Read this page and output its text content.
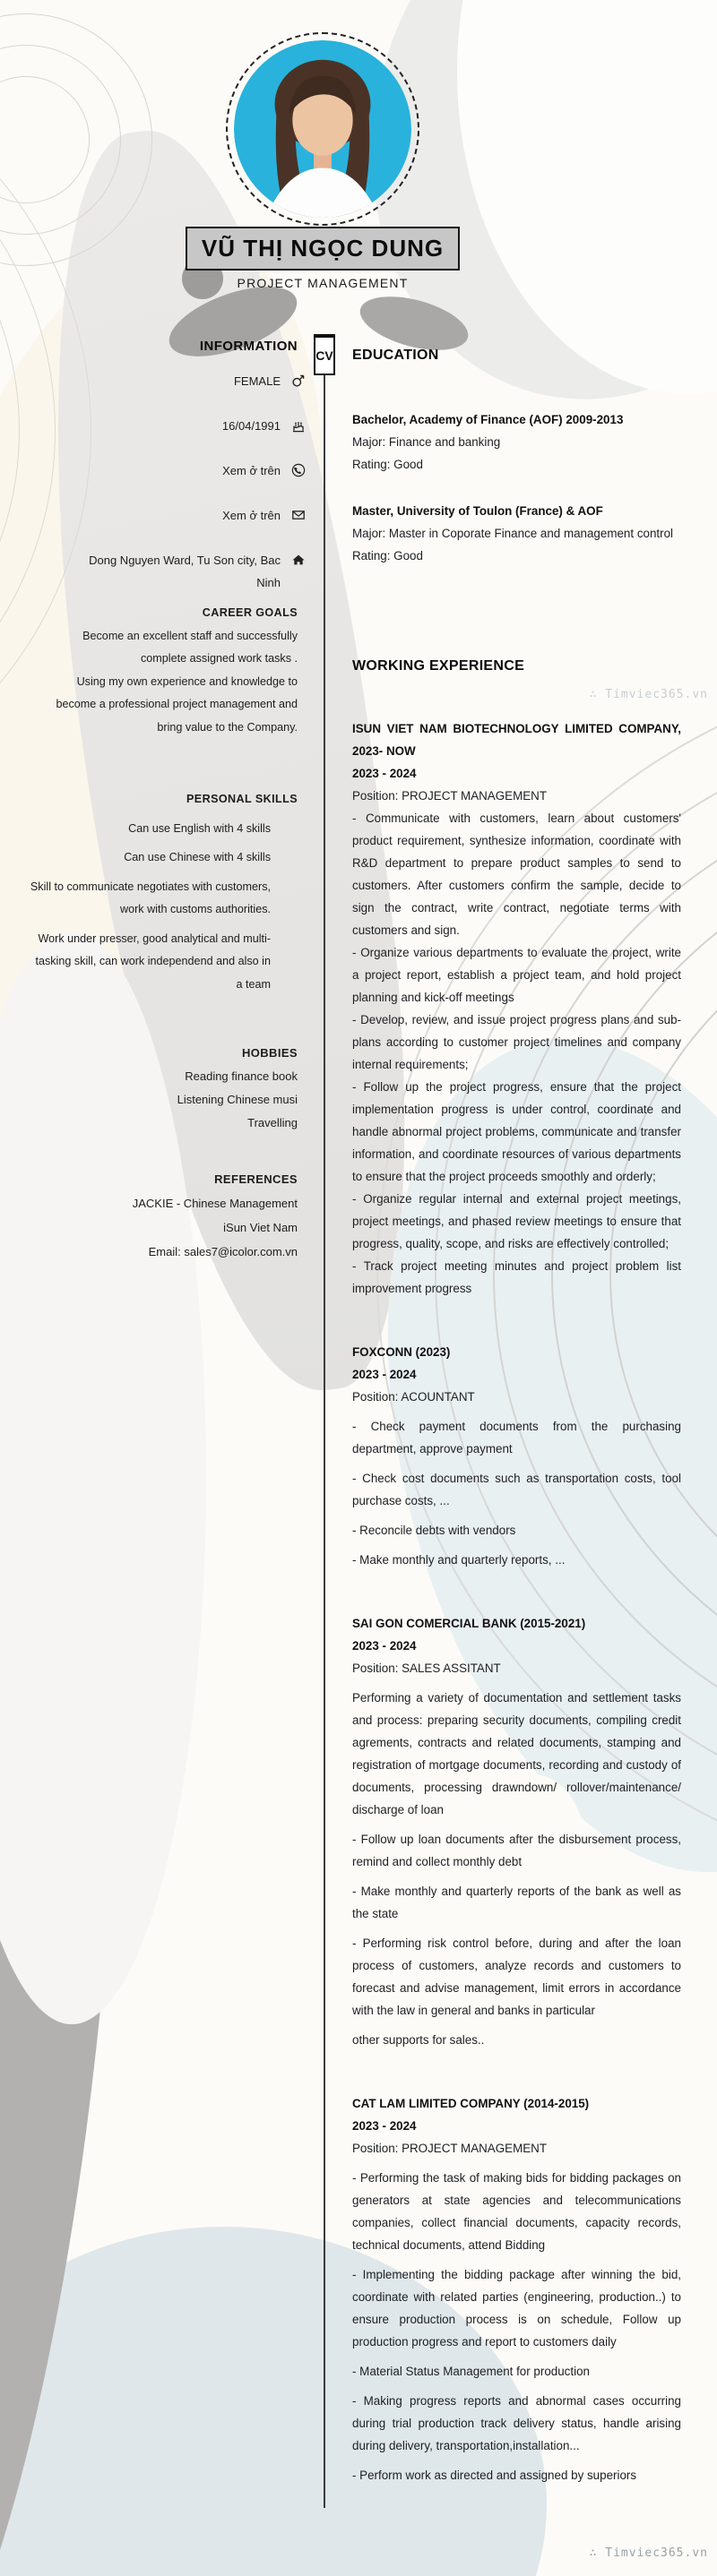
VŨ THỊ NGỌC DUNG
PROJECT MANAGEMENT
CV

INFORMATION

FEMALE
16/04/1991
Xem ở trên
Xem ở trên
Dong Nguyen Ward, Tu Son city, Bac Ninh

CAREER GOALS

Become an excellent staff and successfully complete assigned work tasks .

Using my own experience and knowledge to become a professional project management and bring value to the Company.

PERSONAL SKILLS

Can use English with 4 skills

Can use Chinese with 4 skills

Skill to communicate negotiates with customers, work with customs authorities.

Work under presser, good analytical and multi-tasking skill, can work independend and also in a team

HOBBIES

Reading finance book

Listening Chinese musi

Travelling

REFERENCES

JACKIE - Chinese Management

iSun Viet Nam

Email: sales7@icolor.com.vn

EDUCATION

Bachelor, Academy of Finance (AOF) 2009-2013

Major: Finance and banking

Rating: Good

Master, University of Toulon (France) & AOF

Major: Master in Coporate Finance and management control

Rating: Good

WORKING EXPERIENCE

ISUN VIET NAM BIOTECHNOLOGY LIMITED COMPANY, 2023- NOW

2023 - 2024

Position: PROJECT MANAGEMENT

- Communicate with customers, learn about customers' product requirement, synthesize information, coordinate with R&D department to prepare product samples to send to customers. After customers confirm the sample, decide to sign the contract, write contract, negotiate terms with customers and sign.

- Organize various departments to evaluate the project, write a project report, establish a project team, and hold project planning and kick-off meetings

- Develop, review, and issue project progress plans and sub-plans according to customer project timelines and company internal requirements;

- Follow up the project progress, ensure that the project implementation progress is under control, coordinate and handle abnormal project problems, communicate and transfer information, and coordinate resources of various departments to ensure that the project proceeds smoothly and orderly;

- Organize regular internal and external project meetings, project meetings, and phased review meetings to ensure that progress, quality, scope, and risks are effectively controlled;

- Track project meeting minutes and project problem list improvement progress

FOXCONN (2023)

2023 - 2024

Position: ACOUNTANT

- Check payment documents from the purchasing department, approve payment

- Check cost documents such as transportation costs, tool purchase costs, ...

- Reconcile debts with vendors

- Make monthly and quarterly reports, ...

SAI GON COMERCIAL BANK (2015-2021)

2023 - 2024

Position: SALES ASSITANT

Performing a variety of documentation and settlement tasks and process: preparing security documents, compiling credit agrements, contracts and related documents, stamping and registration of mortgage documents, recording and custody of documents, processing drawndown/ rollover/maintenance/ discharge of loan

- Follow up loan documents after the disbursement process, remind and collect monthly debt

- Make monthly and quarterly reports of the bank as well as the state

- Performing risk control before, during and after the loan process of customers, analyze records and customers to forecast and advise management, limit errors in accordance with the law in general and banks in particular

other supports for sales..

CAT LAM LIMITED COMPANY (2014-2015)

2023 - 2024

Position: PROJECT MANAGEMENT

- Performing the task of making bids for bidding packages on generators at state agencies and telecommunications companies, collect financial documents, capacity records, technical documents, attend Bidding

- Implementing the bidding package after winning the bid, coordinate with related parties (engineering, production..) to ensure production process is on schedule, Follow up production progress and report to customers daily

- Material Status Management for production

- Making progress reports and abnormal cases occurring during trial production track delivery status, handle arising during delivery, transportation,installation...

- Perform work as directed and assigned by superiors

∴ Timviec365.vn
∴ Timviec365.vn
